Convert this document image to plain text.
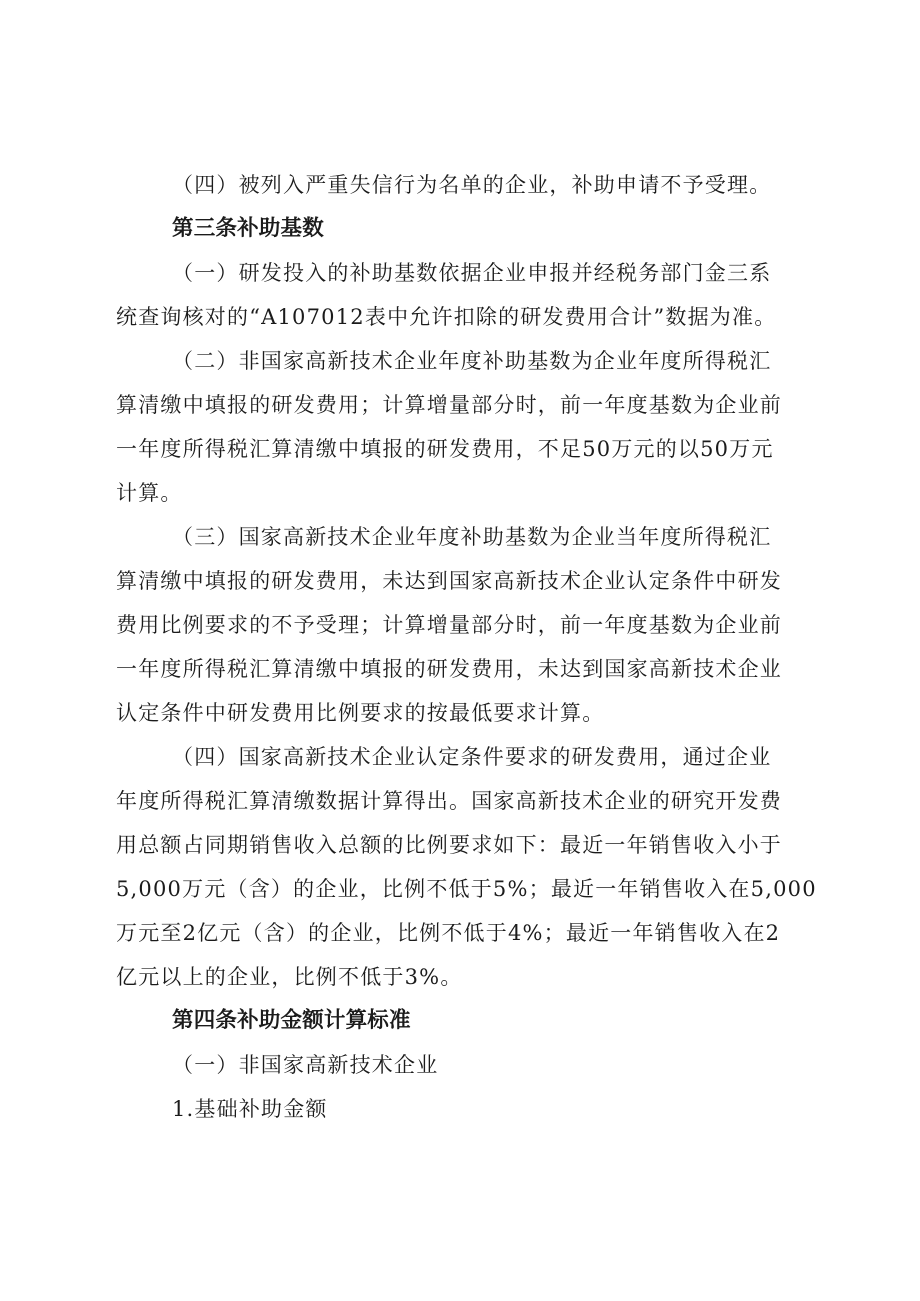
（四）被列入严重失信行为名单的企业，补助申请不予受理。

第三条补助基数

（一）研发投入的补助基数依据企业申报并经税务部门金三系

统查询核对的“A107012表中允许扣除的研发费用合计”数据为准。

（二）非国家高新技术企业年度补助基数为企业年度所得税汇

算清缴中填报的研发费用；计算增量部分时，前一年度基数为企业前

一年度所得税汇算清缴中填报的研发费用，不足50万元的以50万元

计算。

（三）国家高新技术企业年度补助基数为企业当年度所得税汇

算清缴中填报的研发费用，未达到国家高新技术企业认定条件中研发

费用比例要求的不予受理；计算增量部分时，前一年度基数为企业前

一年度所得税汇算清缴中填报的研发费用，未达到国家高新技术企业

认定条件中研发费用比例要求的按最低要求计算。

（四）国家高新技术企业认定条件要求的研发费用，通过企业

年度所得税汇算清缴数据计算得出。国家高新技术企业的研究开发费

用总额占同期销售收入总额的比例要求如下：最近一年销售收入小于

5,000万元（含）的企业，比例不低于5%；最近一年销售收入在5,000

万元至2亿元（含）的企业，比例不低于4%；最近一年销售收入在2

亿元以上的企业，比例不低于3%。

第四条补助金额计算标准

（一）非国家高新技术企业

1.基础补助金额
